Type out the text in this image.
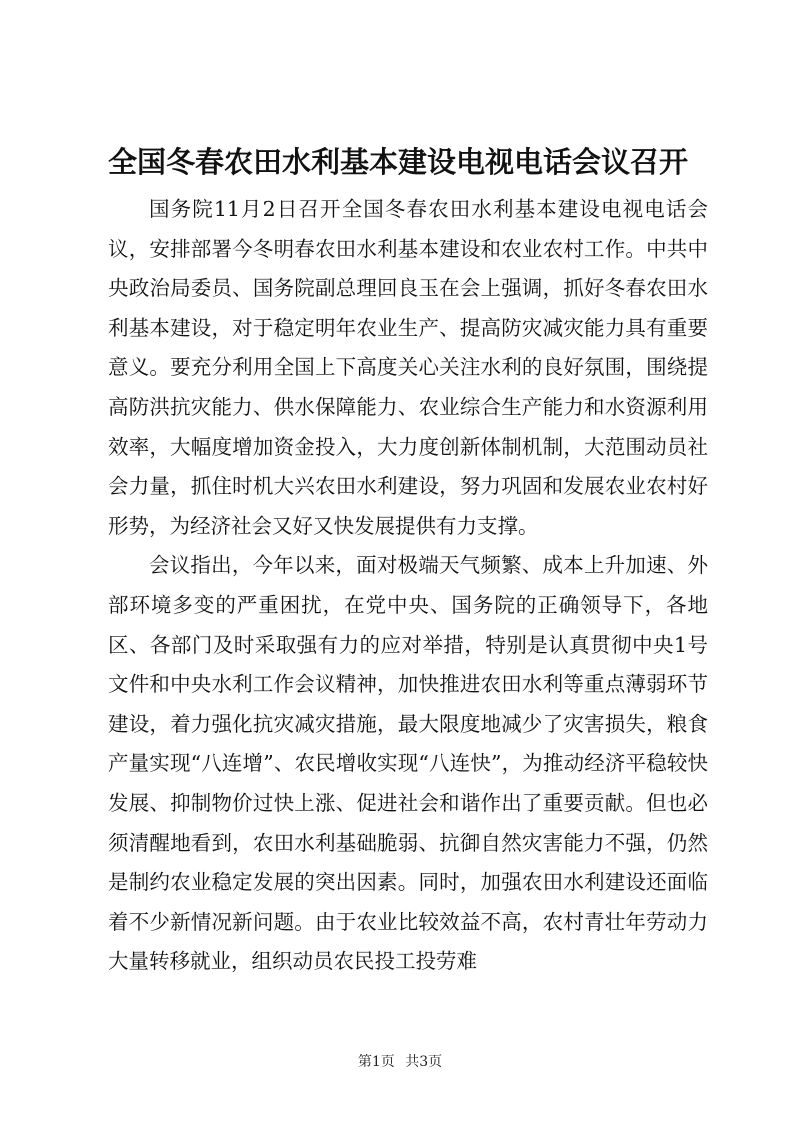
全国冬春农田水利基本建设电视电话会议召开

国务院11月2日召开全国冬春农田水利基本建设电视电话会议，安排部署今冬明春农田水利基本建设和农业农村工作。中共中央政治局委员、国务院副总理回良玉在会上强调，抓好冬春农田水利基本建设，对于稳定明年农业生产、提高防灾减灾能力具有重要意义。要充分利用全国上下高度关心关注水利的良好氛围，围绕提高防洪抗灾能力、供水保障能力、农业综合生产能力和水资源利用效率，大幅度增加资金投入，大力度创新体制机制，大范围动员社会力量，抓住时机大兴农田水利建设，努力巩固和发展农业农村好形势，为经济社会又好又快发展提供有力支撑。

会议指出，今年以来，面对极端天气频繁、成本上升加速、外部环境多变的严重困扰，在党中央、国务院的正确领导下，各地区、各部门及时采取强有力的应对举措，特别是认真贯彻中央1号文件和中央水利工作会议精神，加快推进农田水利等重点薄弱环节建设，着力强化抗灾减灾措施，最大限度地减少了灾害损失，粮食产量实现“八连增”、农民增收实现“八连快”，为推动经济平稳较快发展、抑制物价过快上涨、促进社会和谐作出了重要贡献。但也必须清醒地看到，农田水利基础脆弱、抗御自然灾害能力不强，仍然是制约农业稳定发展的突出因素。同时，加强农田水利建设还面临着不少新情况新问题。由于农业比较效益不高，农村青壮年劳动力大量转移就业，组织动员农民投工投劳难

第1页 共3页
